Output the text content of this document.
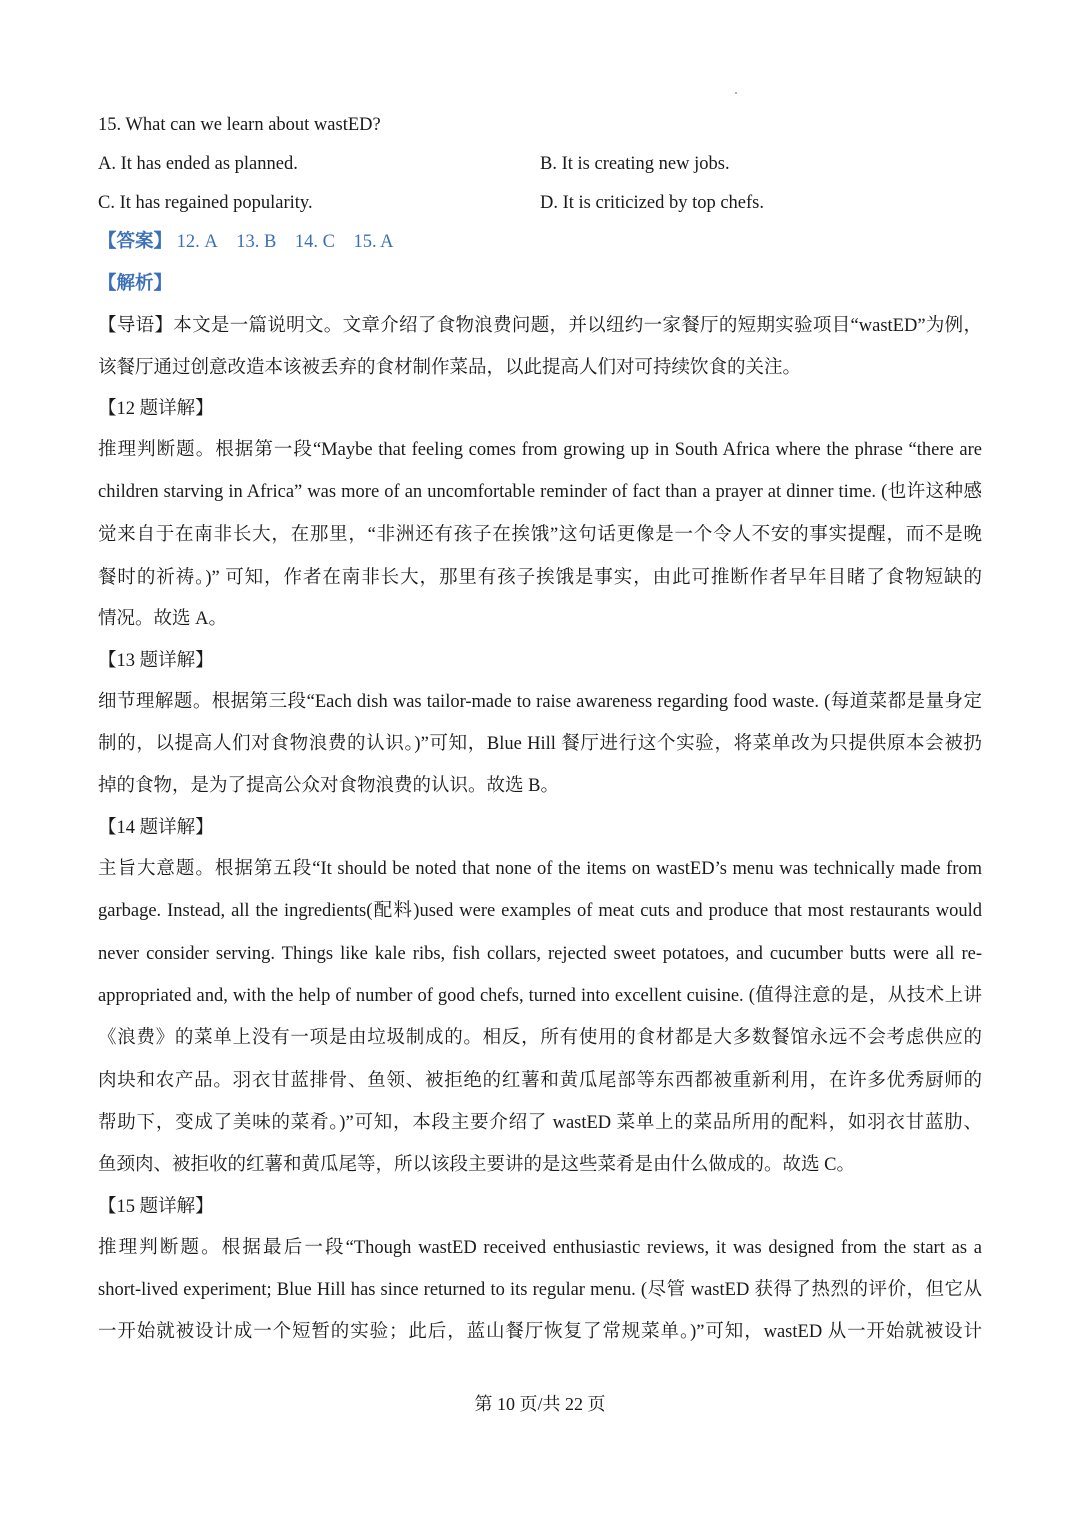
15. What can we learn about wastED?
A. It has ended as planned.	B. It is creating new jobs.
C. It has regained popularity.	D. It is criticized by top chefs.
【答案】 12. A 13. B 14. C 15. A
【解析】
【导语】本文是一篇说明文。文章介绍了食物浪费问题，并以纽约一家餐厅的短期实验项目“wastED”为例，
该餐厅通过创意改造本该被丢弃的食材制作菜品，以此提高人们对可持续饮食的关注。
【12 题详解】
推理判断题。根据第一段“Maybe that feeling comes from growing up in South Africa where the phrase “there are
children starving in Africa” was more of an uncomfortable reminder of fact than a prayer at dinner time. (也许这种感
觉来自于在南非长大，在那里，“非洲还有孩子在挨饿”这句话更像是一个令人不安的事实提醒，而不是晚
餐时的祈祷。)” 可知，作者在南非长大，那里有孩子挨饿是事实，由此可推断作者早年目睹了食物短缺的
情况。故选 A。
【13 题详解】
细节理解题。根据第三段“Each dish was tailor-made to raise awareness regarding food waste. (每道菜都是量身定
制的，以提高人们对食物浪费的认识。)”可知，Blue Hill 餐厅进行这个实验，将菜单改为只提供原本会被扔
掉的食物，是为了提高公众对食物浪费的认识。故选 B。
【14 题详解】
主旨大意题。根据第五段“It should be noted that none of the items on wastED’s menu was technically made from
garbage. Instead, all the ingredients(配料)used were examples of meat cuts and produce that most restaurants would
never consider serving. Things like kale ribs, fish collars, rejected sweet potatoes, and cucumber butts were all re-
appropriated and, with the help of number of good chefs, turned into excellent cuisine. (值得注意的是，从技术上讲
《浪费》的菜单上没有一项是由垃圾制成的。相反，所有使用的食材都是大多数餐馆永远不会考虑供应的
肉块和农产品。羽衣甘蓝排骨、鱼领、被拒绝的红薯和黄瓜尾部等东西都被重新利用，在许多优秀厨师的
帮助下，变成了美味的菜肴。)”可知，本段主要介绍了 wastED 菜单上的菜品所用的配料，如羽衣甘蓝肋、
鱼颈肉、被拒收的红薯和黄瓜尾等，所以该段主要讲的是这些菜肴是由什么做成的。故选 C。
【15 题详解】
推理判断题。根据最后一段“Though wastED received enthusiastic reviews, it was designed from the start as a
short-lived experiment; Blue Hill has since returned to its regular menu. (尽管 wastED 获得了热烈的评价，但它从
一开始就被设计成一个短暂的实验；此后，蓝山餐厅恢复了常规菜单。)”可知，wastED 从一开始就被设计
第 10 页/共 22 页
